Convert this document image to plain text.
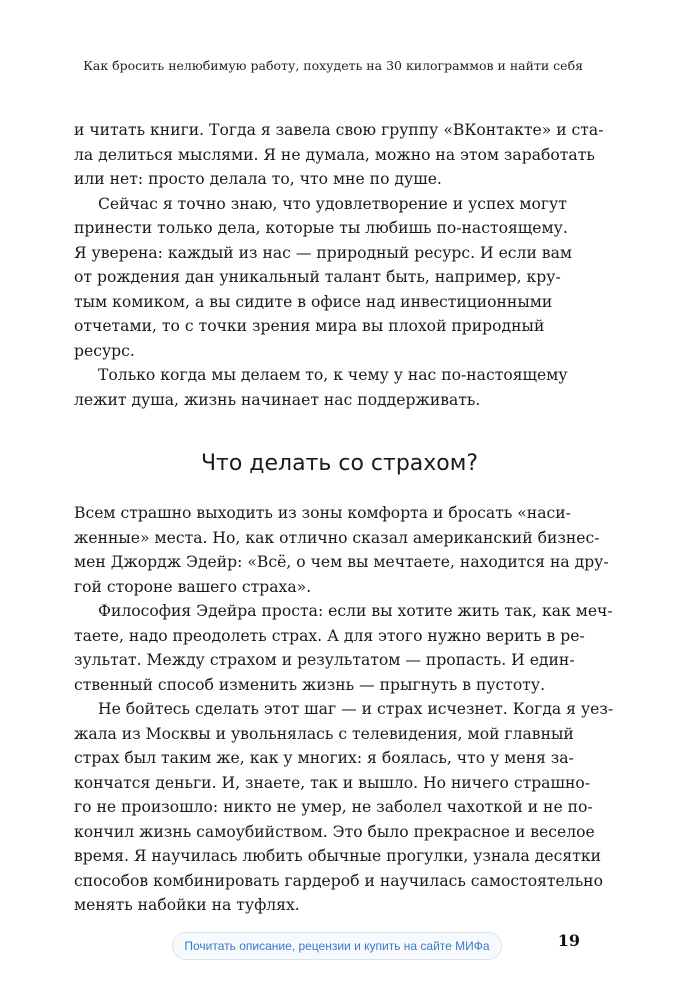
Как бросить нелюбимую работу, похудеть на 30 килограммов и найти себя
и читать книги. Тогда я завела свою группу «ВКонтакте» и ста-
ла делиться мыслями. Я не думала, можно на этом заработать
или нет: просто делала то, что мне по душе.
Сейчас я точно знаю, что удовлетворение и успех могут
принести только дела, которые ты любишь по-настоящему.
Я уверена: каждый из нас — природный ресурс. И если вам
от рождения дан уникальный талант быть, например, кру-
тым комиком, а вы сидите в офисе над инвестиционными
отчетами, то с точки зрения мира вы плохой природный
ресурс.
Только когда мы делаем то, к чему у нас по-настоящему
лежит душа, жизнь начинает нас поддерживать.
Что делать со страхом?
Всем страшно выходить из зоны комфорта и бросать «наси-
женные» места. Но, как отлично сказал американский бизнес-
мен Джордж Эдейр: «Всё, о чем вы мечтаете, находится на дру-
гой стороне вашего страха».
Философия Эдейра проста: если вы хотите жить так, как меч-
таете, надо преодолеть страх. А для этого нужно верить в ре-
зультат. Между страхом и результатом — пропасть. И един-
ственный способ изменить жизнь — прыгнуть в пустоту.
Не бойтесь сделать этот шаг — и страх исчезнет. Когда я уез-
жала из Москвы и увольнялась с телевидения, мой главный
страх был таким же, как у многих: я боялась, что у меня за-
кончатся деньги. И, знаете, так и вышло. Но ничего страшно-
го не произошло: никто не умер, не заболел чахоткой и не по-
кончил жизнь самоубийством. Это было прекрасное и веселое
время. Я научилась любить обычные прогулки, узнала десятки
способов комбинировать гардероб и научилась самостоятельно
менять набойки на туфлях.
Почитать описание, рецензии и купить на сайте МИФа	19
